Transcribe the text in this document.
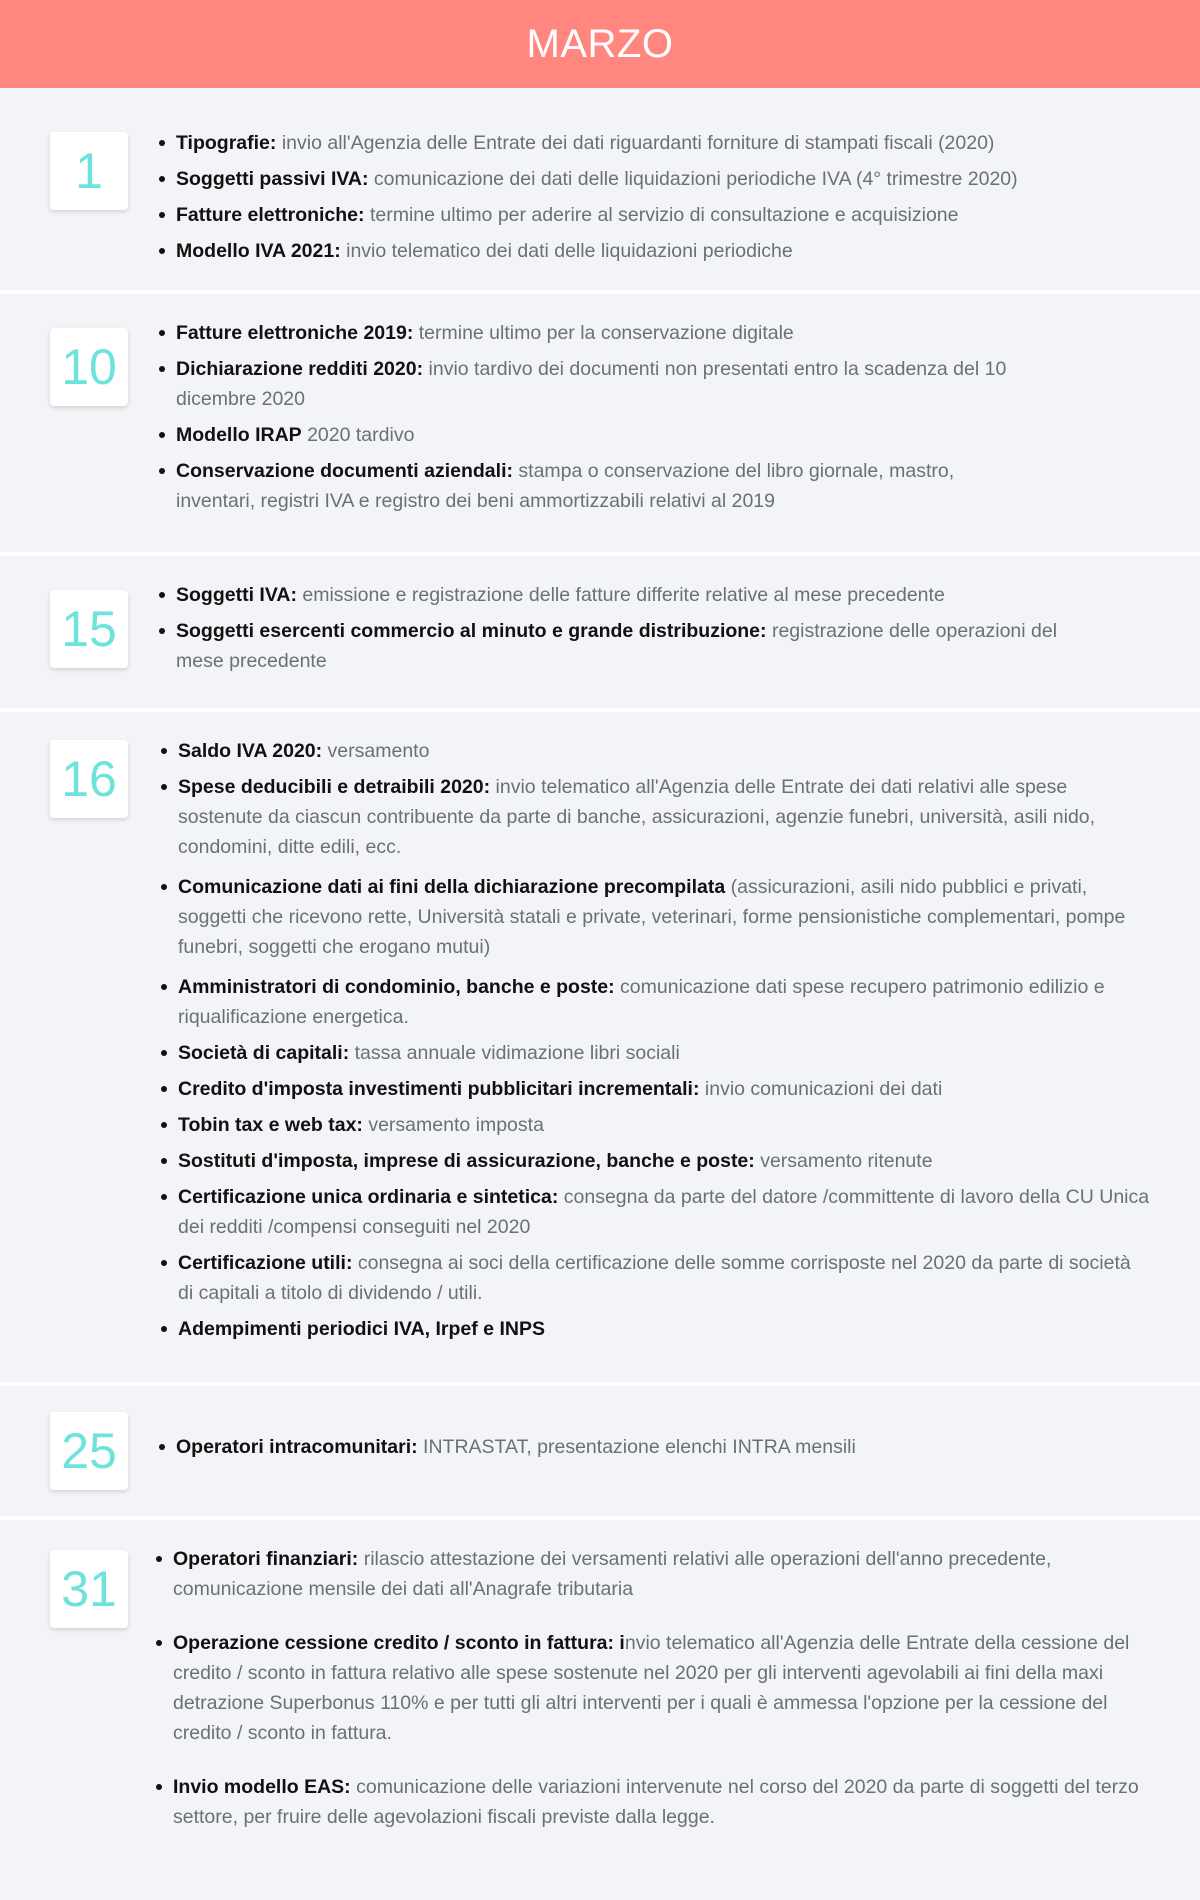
MARZO
1	Tipografie: invio all'Agenzia delle Entrate dei dati riguardanti forniture di stampati fiscali (2020)
Soggetti passivi IVA: comunicazione dei dati delle liquidazioni periodiche IVA (4° trimestre 2020)
Fatture elettroniche: termine ultimo per aderire al servizio di consultazione e acquisizione
Modello IVA 2021: invio telematico dei dati delle liquidazioni periodiche
10
Fatture elettroniche 2019: termine ultimo per la conservazione digitale
Dichiarazione redditi 2020: invio tardivo dei documenti non presentati entro la scadenza del 10 dicembre 2020
Modello IRAP 2020 tardivo
Conservazione documenti aziendali: stampa o conservazione del libro giornale, mastro, inventari, registri IVA e registro dei beni ammortizzabili relativi al 2019
15
Soggetti IVA: emissione e registrazione delle fatture differite relative al mese precedente
Soggetti esercenti commercio al minuto e grande distribuzione: registrazione delle operazioni del mese precedente
16	Saldo IVA 2020: versamento
Spese deducibili e detraibili 2020: invio telematico all'Agenzia delle Entrate dei dati relativi alle spese sostenute da ciascun contribuente da parte di banche, assicurazioni, agenzie funebri, università, asili nido, condomini, ditte edili, ecc.
Comunicazione dati ai fini della dichiarazione precompilata (assicurazioni, asili nido pubblici e privati, soggetti che ricevono rette, Università statali e private, veterinari, forme pensionistiche complementari, pompe funebri, soggetti che erogano mutui)
Amministratori di condominio, banche e poste: comunicazione dati spese recupero patrimonio edilizio e riqualificazione energetica.
Società di capitali: tassa annuale vidimazione libri sociali
Credito d'imposta investimenti pubblicitari incrementali: invio comunicazioni dei dati
Tobin tax e web tax: versamento imposta
Sostituti d'imposta, imprese di assicurazione, banche e poste: versamento ritenute
Certificazione unica ordinaria e sintetica: consegna da parte del datore /committente di lavoro della CU Unica dei redditi /compensi conseguiti nel 2020
Certificazione utili: consegna ai soci della certificazione delle somme corrisposte nel 2020 da parte di società di capitali a titolo di dividendo / utili.
Adempimenti periodici IVA, Irpef e INPS
25	Operatori intracomunitari: INTRASTAT, presentazione elenchi INTRA mensili
31
Operatori finanziari: rilascio attestazione dei versamenti relativi alle operazioni dell'anno precedente, comunicazione mensile dei dati all'Anagrafe tributaria
Operazione cessione credito / sconto in fattura: invio telematico all'Agenzia delle Entrate della cessione del credito / sconto in fattura relativo alle spese sostenute nel 2020 per gli interventi agevolabili ai fini della maxi detrazione Superbonus 110% e per tutti gli altri interventi per i quali è ammessa l'opzione per la cessione del credito / sconto in fattura.
Invio modello EAS: comunicazione delle variazioni intervenute nel corso del 2020 da parte di soggetti del terzo settore, per fruire delle agevolazioni fiscali previste dalla legge.
